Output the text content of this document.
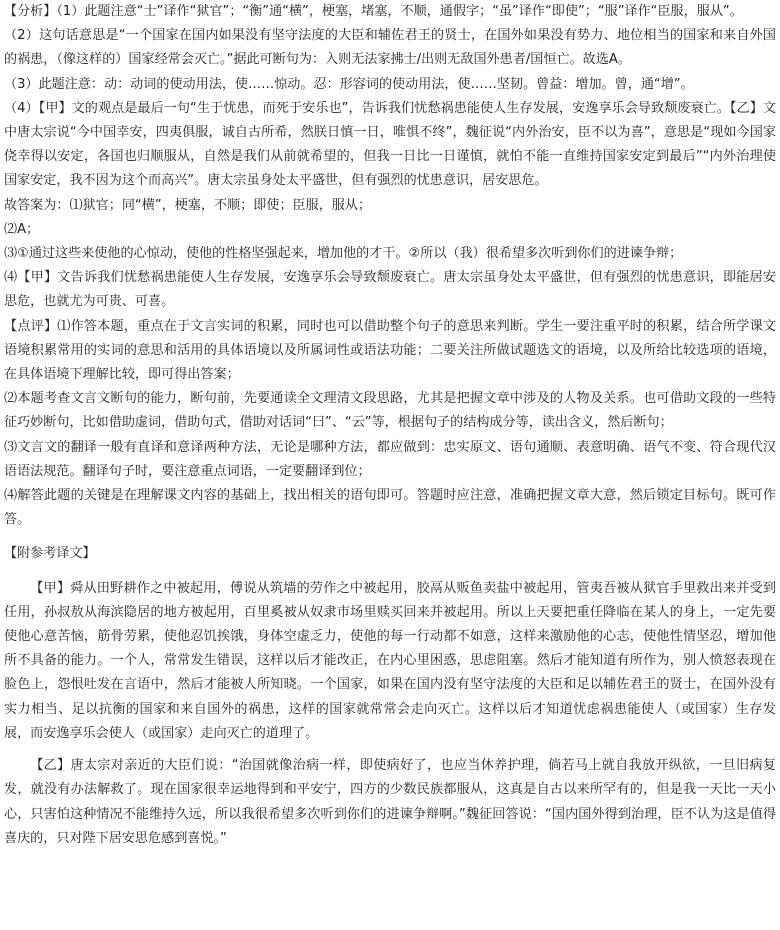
【分析】（1）此题注意“士”译作“狱官”；“衡”通“横”，梗塞，堵塞，不顺，通假字；“虽”译作“即使”；“服”译作“臣服，服从”。

（2）这句话意思是“一个国家在国内如果没有坚守法度的大臣和辅佐君王的贤士，在国外如果没有势力、地位相当的国家和来自外国的祸患，（像这样的）国家经常会灭亡。”据此可断句为：入则无法家拂士/出则无敌国外患者/国恒亡。故选A。

（3）此题注意：动：动词的使动用法，使……惊动。忍：形容词的使动用法，使……坚韧。曾益：增加。曾，通“增”。

（4）【甲】文的观点是最后一句“生于忧患，而死于安乐也”，告诉我们忧愁祸患能使人生存发展，安逸享乐会导致颓废衰亡。【乙】文中唐太宗说“今中国幸安，四夷俱服，诚自古所希，然朕日慎一日，唯惧不终”，魏征说“内外治安，臣不以为喜”，意思是“现如今国家侥幸得以安定，各国也归顺服从，自然是我们从前就希望的，但我一日比一日谨慎，就怕不能一直维持国家安定到最后”“内外治理使国家安定，我不因为这个而高兴”。唐太宗虽身处太平盛世，但有强烈的忧患意识，居安思危。

故答案为：⑴狱官；同“横”，梗塞，不顺；即使；臣服，服从；

⑵A；

⑶①通过这些来使他的心惊动，使他的性格坚强起来，增加他的才干。②所以（我）很希望多次听到你们的进谏争辩；

⑷【甲】文告诉我们忧愁祸患能使人生存发展，安逸享乐会导致颓废衰亡。唐太宗虽身处太平盛世，但有强烈的忧患意识，即能居安思危，也就尤为可贵、可喜。

【点评】⑴作答本题，重点在于文言实词的积累，同时也可以借助整个句子的意思来判断。学生一要注重平时的积累，结合所学课文语境积累常用的实词的意思和活用的具体语境以及所属词性或语法功能；二要关注所做试题选文的语境，以及所给比较选项的语境，在具体语境下理解比较，即可得出答案；

⑵本题考查文言文断句的能力，断句前，先要通读全文理清文段思路，尤其是把握文章中涉及的人物及关系。也可借助文段的一些特征巧妙断句，比如借助虚词，借助句式，借助对话词“曰”、“云”等，根据句子的结构成分等，读出含义，然后断句；

⑶文言文的翻译一般有直译和意译两种方法，无论是哪种方法，都应做到：忠实原文、语句通顺、表意明确、语气不变、符合现代汉语语法规范。翻译句子时，要注意重点词语，一定要翻译到位；

⑷解答此题的关键是在理解课文内容的基础上，找出相关的语句即可。答题时应注意，准确把握文章大意，然后锁定目标句。既可作答。

【附参考译文】

【甲】舜从田野耕作之中被起用，傅说从筑墙的劳作之中被起用，胶鬲从贩鱼卖盐中被起用，管夷吾被从狱官手里救出来并受到任用，孙叔敖从海滨隐居的地方被起用，百里奚被从奴隶市场里赎买回来并被起用。所以上天要把重任降临在某人的身上，一定先要使他心意苦恼，筋骨劳累，使他忍饥挨饿，身体空虚乏力，使他的每一行动都不如意，这样来激励他的心志，使他性情坚忍，增加他所不具备的能力。一个人，常常发生错误，这样以后才能改正，在内心里困惑，思虑阻塞。然后才能知道有所作为，别人愤怒表现在脸色上，怨恨吐发在言语中，然后才能被人所知晓。一个国家，如果在国内没有坚守法度的大臣和足以辅佐君王的贤士，在国外没有实力相当、足以抗衡的国家和来自国外的祸患，这样的国家就常常会走向灭亡。这样以后才知道忧虑祸患能使人（或国家）生存发展，而安逸享乐会使人（或国家）走向灭亡的道理了。

【乙】唐太宗对亲近的大臣们说：“治国就像治病一样，即使病好了，也应当休养护理，倘若马上就自我放开纵欲，一旦旧病复发，就没有办法解救了。现在国家很幸运地得到和平安宁，四方的少数民族都服从，这真是自古以来所罕有的，但是我一天比一天小心，只害怕这种情况不能维持久远，所以我很希望多次听到你们的进谏争辩啊。”魏征回答说：“国内国外得到治理，臣不认为这是值得喜庆的，只对陛下居安思危感到喜悦。”
